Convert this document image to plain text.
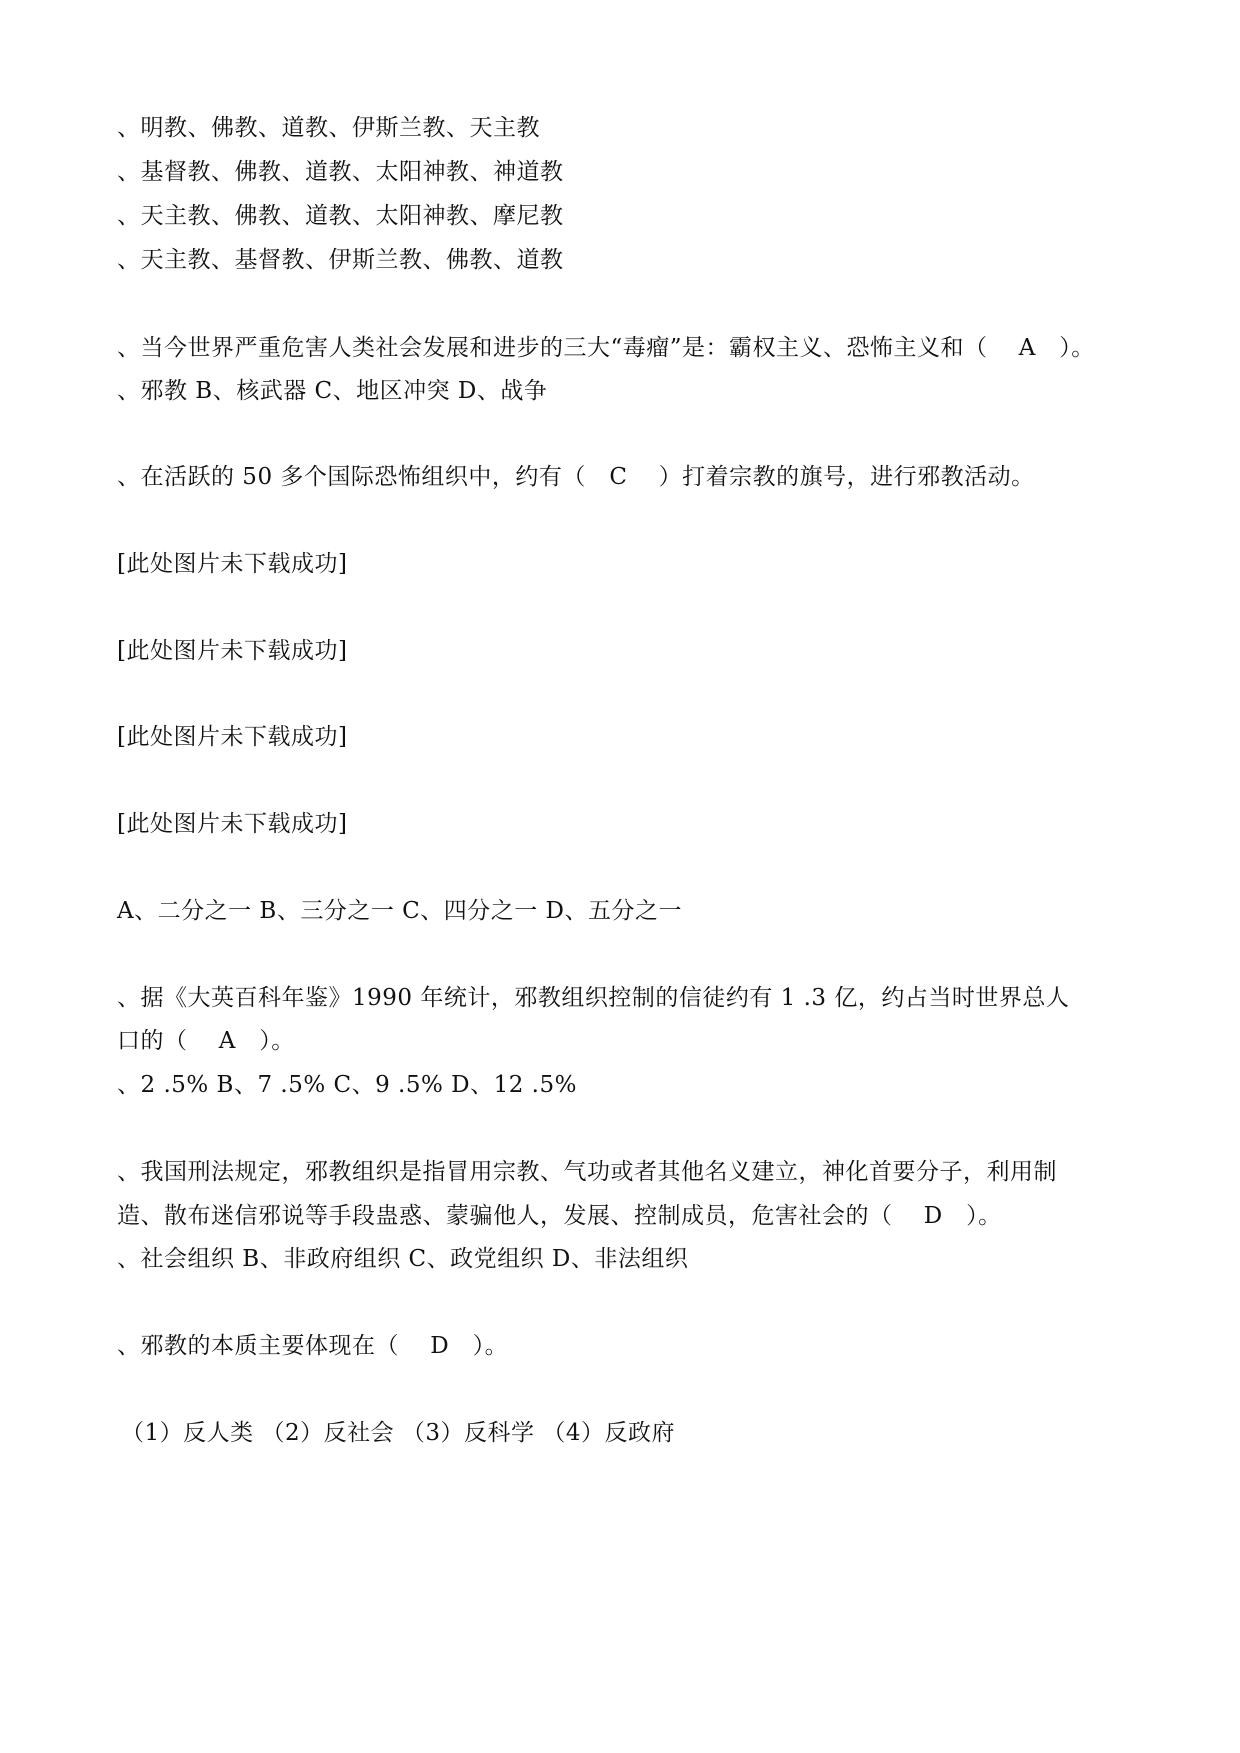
、明教、佛教、道教、伊斯兰教、天主教
、基督教、佛教、道教、太阳神教、神道教
、天主教、佛教、道教、太阳神教、摩尼教
、天主教、基督教、伊斯兰教、佛教、道教
、当今世界严重危害人类社会发展和进步的三大“毒瘤”是：霸权主义、恐怖主义和（    A   ）。
、邪教 B、核武器 C、地区冲突 D、战争
、在活跃的 50 多个国际恐怖组织中，约有（   C    ）打着宗教的旗号，进行邪教活动。
[此处图片未下载成功]
[此处图片未下载成功]
[此处图片未下载成功]
[此处图片未下载成功]
A、二分之一 B、三分之一 C、四分之一 D、五分之一
、据《大英百科年鉴》1990 年统计，邪教组织控制的信徒约有 1 .3 亿，约占当时世界总人
口的（    A   ）。
、2 .5% B、7 .5% C、9 .5% D、12 .5%
、我国刑法规定，邪教组织是指冒用宗教、气功或者其他名义建立，神化首要分子，利用制
造、散布迷信邪说等手段蛊惑、蒙骗他人，发展、控制成员，危害社会的（    D   ）。
、社会组织 B、非政府组织 C、政党组织 D、非法组织
、邪教的本质主要体现在（    D   ）。
（1）反人类 （2）反社会 （3）反科学 （4）反政府
